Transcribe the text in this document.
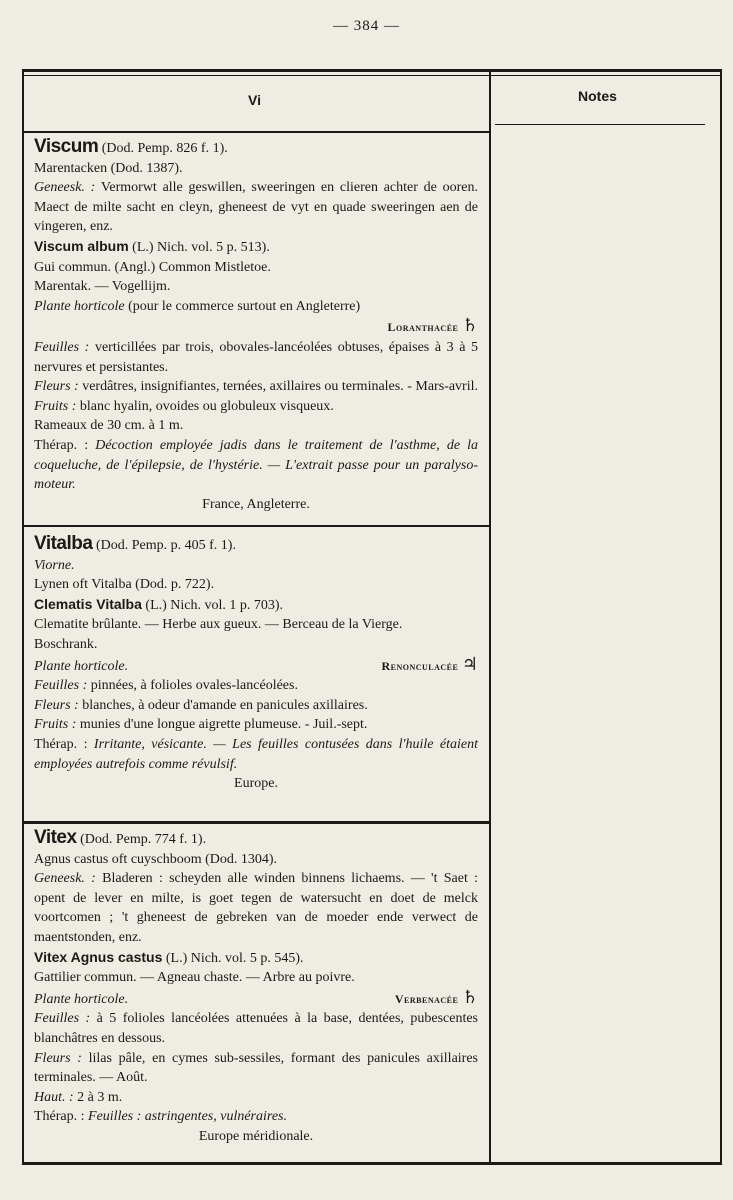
— 384 —
Vi	Notes

Viscum (Dod. Pemp. 826 f. 1).

Marentacken (Dod. 1387).

Geneesk. : Vermorwt alle geswillen, sweeringen en clieren achter de ooren. Maect de milte sacht en cleyn, gheneest de vyt en quade sweeringen aen de vingeren, enz.

Viscum album (L.) Nich. vol. 5 p. 513).

Gui commun. (Angl.) Common Mistletoe.

Marentak. — Vogellijm.

Plante horticole (pour le commerce surtout en Angleterre)

Loranthacée ♄

Feuilles : verticillées par trois, obovales-lancéolées obtuses, épaises à 3 à 5 nervures et persistantes.

Fleurs : verdâtres, insignifiantes, ternées, axillaires ou terminales. - Mars-avril.

Fruits : blanc hyalin, ovoides ou globuleux visqueux.

Rameaux de 30 cm. à 1 m.

Thérap. : Décoction employée jadis dans le traitement de l'asthme, de la coqueluche, de l'épilepsie, de l'hystérie. — L'extrait passe pour un paralyso-moteur.

France, Angleterre.

Vitalba (Dod. Pemp. p. 405 f. 1).

Viorne.

Lynen oft Vitalba (Dod. p. 722).

Clematis Vitalba (L.) Nich. vol. 1 p. 703).

Clematite brûlante. — Herbe aux gueux. — Berceau de la Vierge.

Boschrank.

Plante horticole.	Renonculacée ♃

Feuilles : pinnées, à folioles ovales-lancéolées.

Fleurs : blanches, à odeur d'amande en panicules axillaires.

Fruits : munies d'une longue aigrette plumeuse. - Juil.-sept.

Thérap. : Irritante, vésicante. — Les feuilles contusées dans l'huile étaient employées autrefois comme révulsif.

Europe.

Vitex (Dod. Pemp. 774 f. 1).

Agnus castus oft cuyschboom (Dod. 1304).

Geneesk. : Bladeren : scheyden alle winden binnens lichaems. — 't Saet : opent de lever en milte, is goet tegen de watersucht en doet de melck voortcomen ; 't gheneest de gebreken van de moeder ende verwect de maentstonden, enz.

Vitex Agnus castus (L.) Nich. vol. 5 p. 545).

Gattilier commun. — Agneau chaste. — Arbre au poivre.

Plante horticole.	Verbenacée ♄

Feuilles : à 5 folioles lancéolées attenuées à la base, dentées, pubescentes blanchâtres en dessous.

Fleurs : lilas pâle, en cymes sub-sessiles, formant des panicules axillaires terminales. — Août.

Haut. : 2 à 3 m.

Thérap. : Feuilles : astringentes, vulnéraires.

Europe méridionale.
